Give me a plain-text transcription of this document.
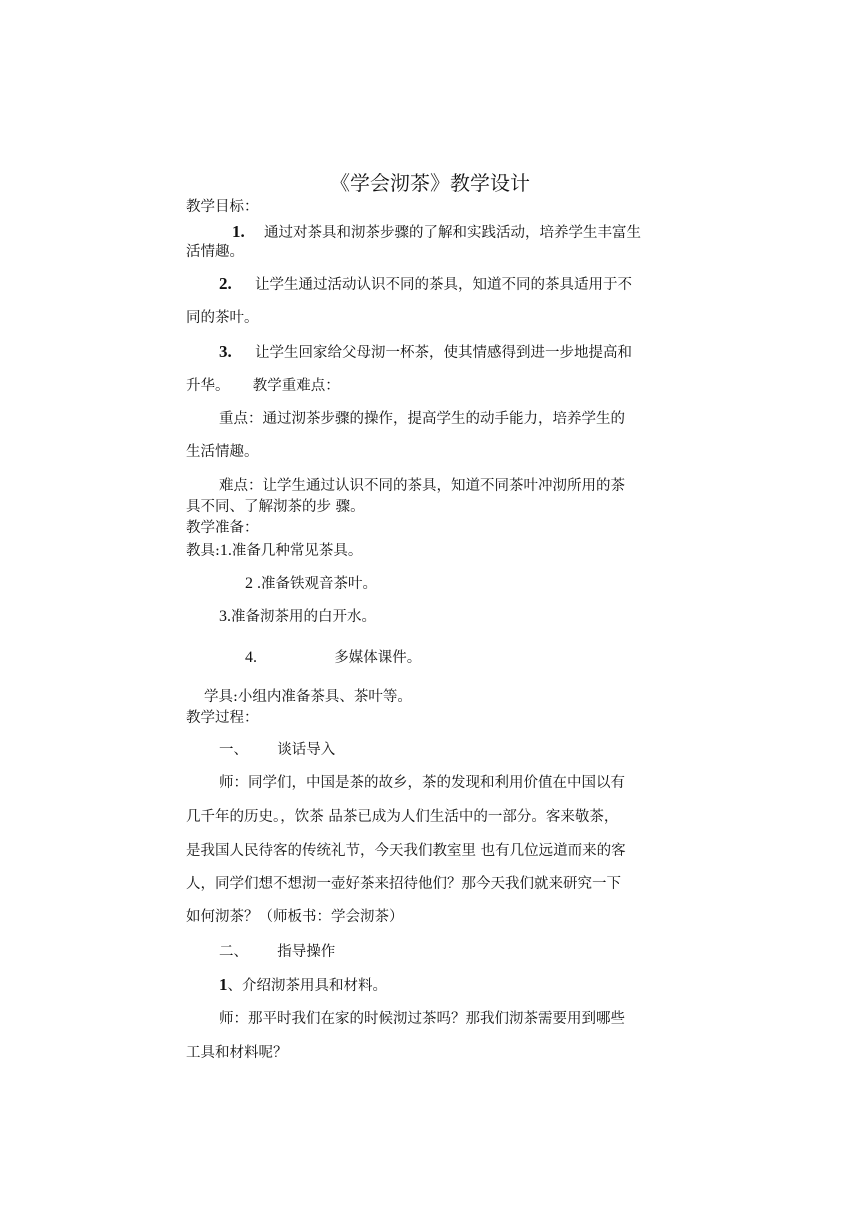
《学会沏茶》教学设计
教学目标：
1. 通过对茶具和沏茶步骤的了解和实践活动，培养学生丰富生
活情趣。
2. 让学生通过活动认识不同的茶具，知道不同的茶具适用于不
同的茶叶。
3. 让学生回家给父母沏一杯茶，使其情感得到进一步地提高和
升华。 教学重难点：
重点：通过沏茶步骤的操作，提高学生的动手能力，培养学生的
生活情趣。
难点：让学生通过认识不同的茶具，知道不同茶叶冲沏所用的茶
具不同、了解沏茶的步 骤。
教学准备：
教具:1.准备几种常见茶具。
2 .准备铁观音茶叶。
3.准备沏茶用的白开水。
4.	多媒体课件。
学具:小组内准备茶具、茶叶等。
教学过程：
一、 谈话导入
师：同学们，中国是茶的故乡，茶的发现和利用价值在中国以有
几千年的历史。，饮茶 品茶已成为人们生活中的一部分。客来敬茶，
是我国人民待客的传统礼节，今天我们教室里 也有几位远道而来的客
人，同学们想不想沏一壶好茶来招待他们？那今天我们就来研究一下
如何沏茶？（师板书：学会沏茶）
二、 指导操作
1、介绍沏茶用具和材料。
师：那平时我们在家的时候沏过茶吗？那我们沏茶需要用到哪些
工具和材料呢？
